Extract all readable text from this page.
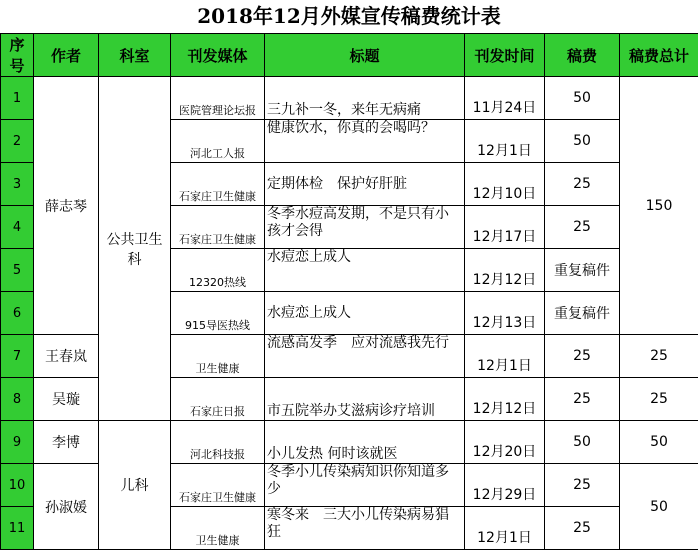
2018年12月外媒宣传稿费统计表
序号	作者	科室	刊发媒体	标题	刊发时间	稿费	稿费总计
1	薛志琴	公共卫生科	医院管理论坛报	三九补一冬，来年无病痛	11月24日	50	150
2			河北工人报	健康饮水，你真的会喝吗？	12月1日	50	
3			石家庄卫生健康	定期体检　保护好肝脏	12月10日	25	
4			石家庄卫生健康	冬季水痘高发期，不是只有小孩才会得	12月17日	25	
5			12320热线	水痘恋上成人	12月12日	重复稿件	
6			915导医热线	水痘恋上成人	12月13日	重复稿件	
7	王春岚		卫生健康	流感高发季　应对流感我先行	12月1日	25	25
8	吴璇		石家庄日报	市五院举办艾滋病诊疗培训	12月12日	25	25
9	李博	儿科	河北科技报	小儿发热 何时该就医	12月20日	50	50
10	孙淑媛		石家庄卫生健康	冬季小儿传染病知识你知道多少	12月29日	25	50
11			卫生健康	寒冬来　三大小儿传染病易猖狂	12月1日	25	
